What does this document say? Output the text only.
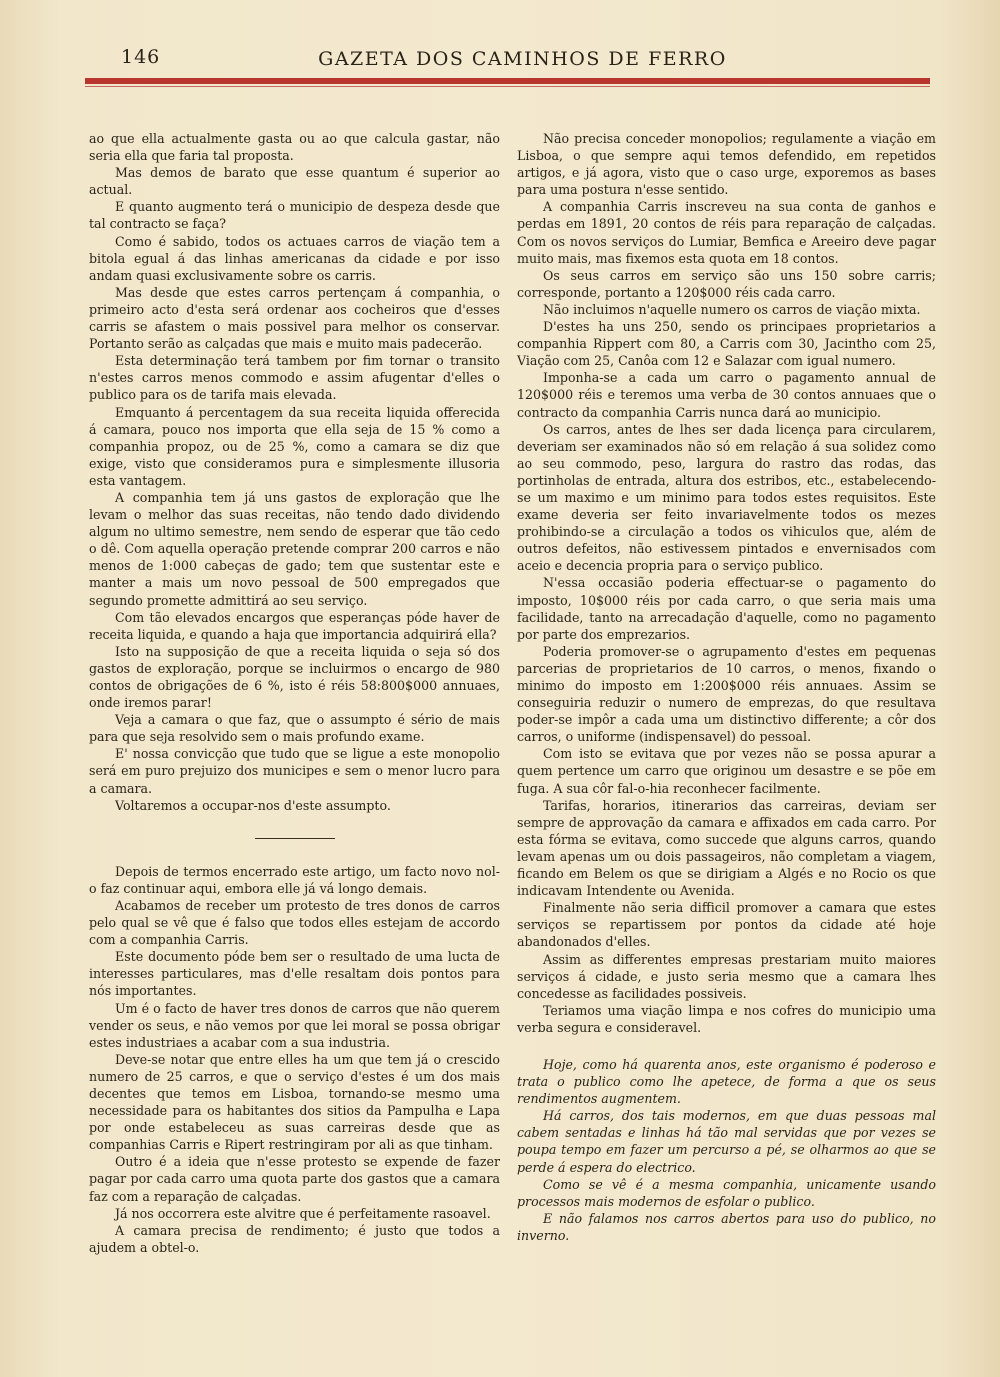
146	GAZETA DOS CAMINHOS DE FERRO

ao que ella actualmente gasta ou ao que calcula gastar, não seria ella que faria tal proposta.

Mas demos de barato que esse quantum é superior ao actual.

E quanto augmento terá o municipio de despeza desde que tal contracto se faça?

Como é sabido, todos os actuaes carros de viação tem a bitola egual á das linhas americanas da cidade e por isso andam quasi exclusivamente sobre os carris.

Mas desde que estes carros pertençam á companhia, o primeiro acto d'esta será ordenar aos cocheiros que d'esses carris se afastem o mais possivel para melhor os conservar. Portanto serão as calçadas que mais e muito mais padecerão.

Esta determinação terá tambem por fim tornar o transito n'estes carros menos commodo e assim afugentar d'elles o publico para os de tarifa mais elevada.

Emquanto á percentagem da sua receita liquida offerecida á camara, pouco nos importa que ella seja de 15 % como a companhia propoz, ou de 25 %, como a camara se diz que exige, visto que consideramos pura e simplesmente illusoria esta vantagem.

A companhia tem já uns gastos de exploração que lhe levam o melhor das suas receitas, não tendo dado dividendo algum no ultimo semestre, nem sendo de esperar que tão cedo o dê. Com aquella operação pretende comprar 200 carros e não menos de 1:000 cabeças de gado; tem que sustentar este e manter a mais um novo pessoal de 500 empregados que segundo promette admittirá ao seu serviço.

Com tão elevados encargos que esperanças póde haver de receita liquida, e quando a haja que importancia adquirirá ella?

Isto na supposição de que a receita liquida o seja só dos gastos de exploração, porque se incluirmos o encargo de 980 contos de obrigações de 6 %, isto é réis 58:800$000 annuaes, onde iremos parar!

Veja a camara o que faz, que o assumpto é sério de mais para que seja resolvido sem o mais profundo exame.

E' nossa convicção que tudo que se ligue a este monopolio será em puro prejuizo dos municipes e sem o menor lucro para a camara.

Voltaremos a occupar-nos d'este assumpto.

Depois de termos encerrado este artigo, um facto novo nol-o faz continuar aqui, embora elle já vá longo demais.

Acabamos de receber um protesto de tres donos de carros pelo qual se vê que é falso que todos elles estejam de accordo com a companhia Carris.

Este documento póde bem ser o resultado de uma lucta de interesses particulares, mas d'elle resaltam dois pontos para nós importantes.

Um é o facto de haver tres donos de carros que não querem vender os seus, e não vemos por que lei moral se possa obrigar estes industriaes a acabar com a sua industria.

Deve-se notar que entre elles ha um que tem já o crescido numero de 25 carros, e que o serviço d'estes é um dos mais decentes que temos em Lisboa, tornando-se mesmo uma necessidade para os habitantes dos sitios da Pampulha e Lapa por onde estabeleceu as suas carreiras desde que as companhias Carris e Ripert restringiram por ali as que tinham.

Outro é a ideia que n'esse protesto se expende de fazer pagar por cada carro uma quota parte dos gastos que a camara faz com a reparação de calçadas.

Já nos occorrera este alvitre que é perfeitamente rasoavel.

A camara precisa de rendimento; é justo que todos a ajudem a obtel-o.

Não precisa conceder monopolios; regulamente a viação em Lisboa, o que sempre aqui temos defendido, em repetidos artigos, e já agora, visto que o caso urge, exporemos as bases para uma postura n'esse sentido.

A companhia Carris inscreveu na sua conta de ganhos e perdas em 1891, 20 contos de réis para reparação de calçadas. Com os novos serviços do Lumiar, Bemfica e Areeiro deve pagar muito mais, mas fixemos esta quota em 18 contos.

Os seus carros em serviço são uns 150 sobre carris; corresponde, portanto a 120$000 réis cada carro.

Não incluimos n'aquelle numero os carros de viação mixta.

D'estes ha uns 250, sendo os principaes proprietarios a companhia Rippert com 80, a Carris com 30, Jacintho com 25, Viação com 25, Canôa com 12 e Salazar com igual numero.

Imponha-se a cada um carro o pagamento annual de 120$000 réis e teremos uma verba de 30 contos annuaes que o contracto da companhia Carris nunca dará ao municipio.

Os carros, antes de lhes ser dada licença para circularem, deveriam ser examinados não só em relação á sua solidez como ao seu commodo, peso, largura do rastro das rodas, das portinholas de entrada, altura dos estribos, etc., estabelecendo-se um maximo e um minimo para todos estes requisitos. Este exame deveria ser feito invariavelmente todos os mezes prohibindo-se a circulação a todos os vihiculos que, além de outros defeitos, não estivessem pintados e envernisados com aceio e decencia propria para o serviço publico.

N'essa occasião poderia effectuar-se o pagamento do imposto, 10$000 réis por cada carro, o que seria mais uma facilidade, tanto na arrecadação d'aquelle, como no pagamento por parte dos emprezarios.

Poderia promover-se o agrupamento d'estes em pequenas parcerias de proprietarios de 10 carros, o menos, fixando o minimo do imposto em 1:200$000 réis annuaes. Assim se conseguiria reduzir o numero de emprezas, do que resultava poder-se impôr a cada uma um distinctivo differente; a côr dos carros, o uniforme (indispensavel) do pessoal.

Com isto se evitava que por vezes não se possa apurar a quem pertence um carro que originou um desastre e se põe em fuga. A sua côr fal-o-hia reconhecer facilmente.

Tarifas, horarios, itinerarios das carreiras, deviam ser sempre de approvação da camara e affixados em cada carro. Por esta fórma se evitava, como succede que alguns carros, quando levam apenas um ou dois passageiros, não completam a viagem, ficando em Belem os que se dirigiam a Algés e no Rocio os que indicavam Intendente ou Avenida.

Finalmente não seria difficil promover a camara que estes serviços se repartissem por pontos da cidade até hoje abandonados d'elles.

Assim as differentes empresas prestariam muito maiores serviços á cidade, e justo seria mesmo que a camara lhes concedesse as facilidades possiveis.

Teriamos uma viação limpa e nos cofres do municipio uma verba segura e consideravel.

Hoje, como há quarenta anos, este organismo é poderoso e trata o publico como lhe apetece, de forma a que os seus rendimentos augmentem.

Há carros, dos tais modernos, em que duas pessoas mal cabem sentadas e linhas há tão mal servidas que por vezes se poupa tempo em fazer um percurso a pé, se olharmos ao que se perde á espera do electrico.

Como se vê é a mesma companhia, unicamente usando processos mais modernos de esfolar o publico.

E não falamos nos carros abertos para uso do publico, no inverno.
